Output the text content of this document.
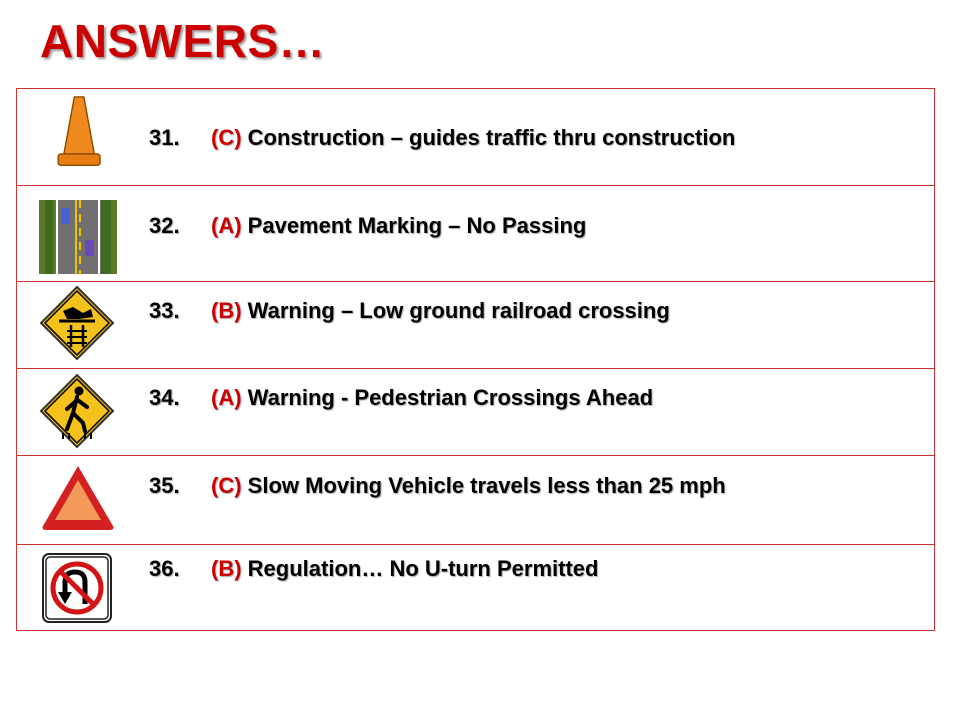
ANSWERS…
31. (C) Construction – guides traffic thru construction
32. (A) Pavement Marking – No Passing
33. (B) Warning – Low ground railroad crossing
34. (A) Warning - Pedestrian Crossings Ahead
35. (C) Slow Moving Vehicle travels less than 25 mph
36. (B) Regulation… No U-turn Permitted
